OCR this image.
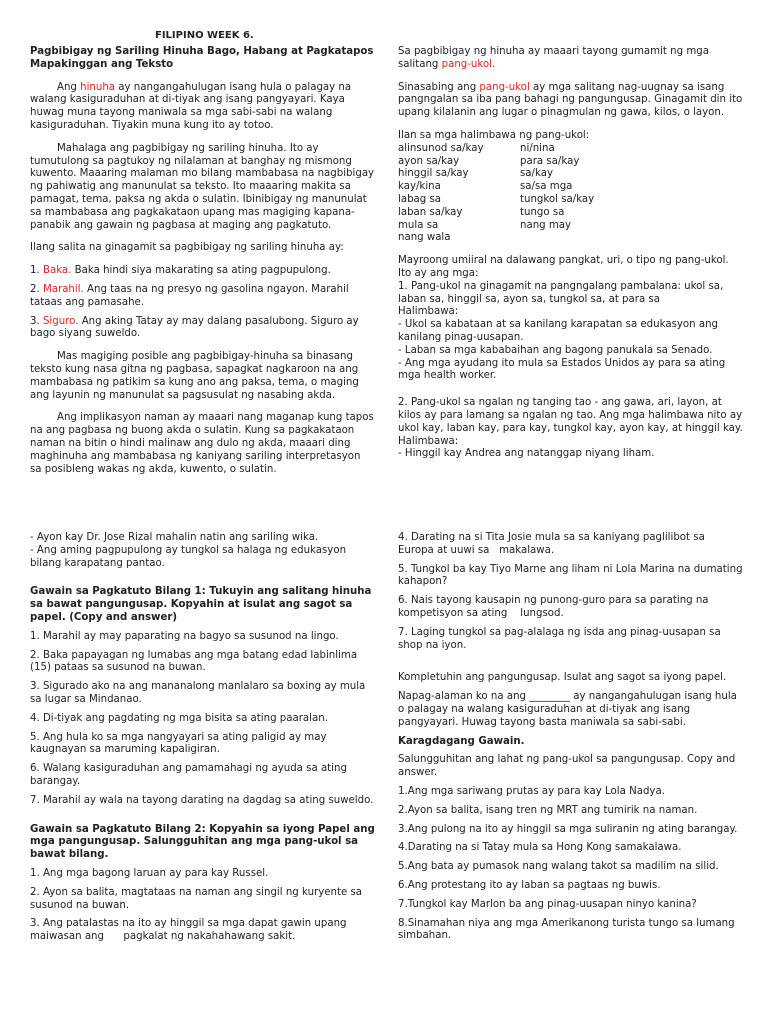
FILIPINO WEEK 6.

Pagbibigay ng Sariling Hinuha Bago, Habang at Pagkatapos Mapakinggan ang Teksto

Ang hinuha ay nangangahulugan isang hula o palagay na walang kasiguraduhan at di-tiyak ang isang pangyayari. Kaya huwag muna tayong maniwala sa mga sabi-sabi na walang kasiguraduhan. Tiyakin muna kung ito ay totoo.

Mahalaga ang pagbibigay ng sariling hinuha. Ito ay tumutulong sa pagtukoy ng nilalaman at banghay ng mismong kuwento. Maaaring malaman mo bilang mambabasa na nagbibigay ng pahiwatig ang manunulat sa teksto. Ito maaaring makita sa pamagat, tema, paksa ng akda o sulatin. Ibinibigay ng manunulat sa mambabasa ang pagkakataon upang mas magiging kapana-panabik ang gawain ng pagbasa at maging ang pagkatuto.

Ilang salita na ginagamit sa pagbibigay ng sariling hinuha ay:

1. Baka. Baka hindi siya makarating sa ating pagpupulong.

2. Marahil. Ang taas na ng presyo ng gasolina ngayon. Marahil tataas ang pamasahe.

3. Siguro. Ang aking Tatay ay may dalang pasalubong. Siguro ay bago siyang suweldo.

Mas magiging posible ang pagbibigay-hinuha sa binasang teksto kung nasa gitna ng pagbasa, sapagkat nagkaroon na ang mambabasa ng patikim sa kung ano ang paksa, tema, o maging ang layunin ng manunulat sa pagsusulat ng nasabing akda.

Ang implikasyon naman ay maaari nang maganap kung tapos na ang pagbasa ng buong akda o sulatin. Kung sa pagkakataon naman na bitin o hindi malinaw ang dulo ng akda, maaari ding maghinuha ang mambabasa ng kaniyang sariling interpretasyon sa posibleng wakas ng akda, kuwento, o sulatin.

Sa pagbibigay ng hinuha ay maaari tayong gumamit ng mga salitang pang-ukol.

Sinasabing ang pang-ukol ay mga salitang nag-uugnay sa isang pangngalan sa iba pang bahagi ng pangungusap. Ginagamit din ito upang kilalanin ang lugar o pinagmulan ng gawa, kilos, o layon.

Ilan sa mga halimbawa ng pang-ukol:

alinsunod sa/kay	ni/nina
ayon sa/kay	para sa/kay
hinggil sa/kay	sa/kay
kay/kina	sa/sa mga
labag sa	tungkol sa/kay
laban sa/kay	tungo sa
mula sa	nang may
nang wala

Mayroong umiiral na dalawang pangkat, uri, o tipo ng pang-ukol. Ito ay ang mga:

1. Pang-ukol na ginagamit na pangngalang pambalana: ukol sa, laban sa, hinggil sa, ayon sa, tungkol sa, at para sa

Halimbawa:

- Ukol sa kabataan at sa kanilang karapatan sa edukasyon ang kanilang pinag-uusapan.

- Laban sa mga kababaihan ang bagong panukala sa Senado.

- Ang mga ayudang ito mula sa Estados Unidos ay para sa ating mga health worker.

2. Pang-ukol sa ngalan ng tanging tao - ang gawa, ari, layon, at kilos ay para lamang sa ngalan ng tao. Ang mga halimbawa nito ay ukol kay, laban kay, para kay, tungkol kay, ayon kay, at hinggil kay.

Halimbawa:

- Hinggil kay Andrea ang natanggap niyang liham.

- Ayon kay Dr. Jose Rizal mahalin natin ang sariling wika.

- Ang aming pagpupulong ay tungkol sa halaga ng edukasyon bilang karapatang pantao.

Gawain sa Pagkatuto Bilang 1: Tukuyin ang salitang hinuha sa bawat pangungusap. Kopyahin at isulat ang sagot sa papel. (Copy and answer)

1. Marahil ay may paparating na bagyo sa susunod na lingo.

2. Baka papayagan ng lumabas ang mga batang edad labinlima (15) pataas sa susunod na buwan.

3. Sigurado ako na ang mananalong manlalaro sa boxing ay mula sa lugar sa Mindanao.

4. Di-tiyak ang pagdating ng mga bisita sa ating paaralan.

5. Ang hula ko sa mga nangyayari sa ating paligid ay may kaugnayan sa maruming kapaligiran.

6. Walang kasiguraduhan ang pamamahagi ng ayuda sa ating barangay.

7. Marahil ay wala na tayong darating na dagdag sa ating suweldo.

Gawain sa Pagkatuto Bilang 2: Kopyahin sa iyong Papel ang mga pangungusap. Salungguhitan ang mga pang-ukol sa bawat bilang.

1. Ang mga bagong laruan ay para kay Russel.

2. Ayon sa balita, magtataas na naman ang singil ng kuryente sa susunod na buwan.

3. Ang patalastas na ito ay hinggil sa mga dapat gawin upang maiwasan ang      pagkalat ng nakahahawang sakit.

4. Darating na si Tita Josie mula sa sa kaniyang paglilibot sa Europa at uuwi sa   makalawa.

5. Tungkol ba kay Tiyo Marne ang liham ni Lola Marina na dumating kahapon?

6. Nais tayong kausapin ng punong-guro para sa parating na kompetisyon sa ating    lungsod.

7. Laging tungkol sa pag-alalaga ng isda ang pinag-uusapan sa shop na iyon.

Kompletuhin ang pangungusap. Isulat ang sagot sa iyong papel.

Napag-alaman ko na ang ________ ay nangangahulugan isang hula o palagay na walang kasiguraduhan at di-tiyak ang isang pangyayari. Huwag tayong basta maniwala sa sabi-sabi.

Karagdagang Gawain.

Salungguhitan ang lahat ng pang-ukol sa pangungusap. Copy and answer.

1.Ang mga sariwang prutas ay para kay Lola Nadya.

2.Ayon sa balita, isang tren ng MRT ang tumirik na naman.

3.Ang pulong na ito ay hinggil sa mga suliranin ng ating barangay.

4.Darating na si Tatay mula sa Hong Kong samakalawa.

5.Ang bata ay pumasok nang walang takot sa madilim na silid.

6.Ang protestang ito ay laban sa pagtaas ng buwis.

7.Tungkol kay Marlon ba ang pinag-uusapan ninyo kanina?

8.Sinamahan niya ang mga Amerikanong turista tungo sa lumang simbahan.
